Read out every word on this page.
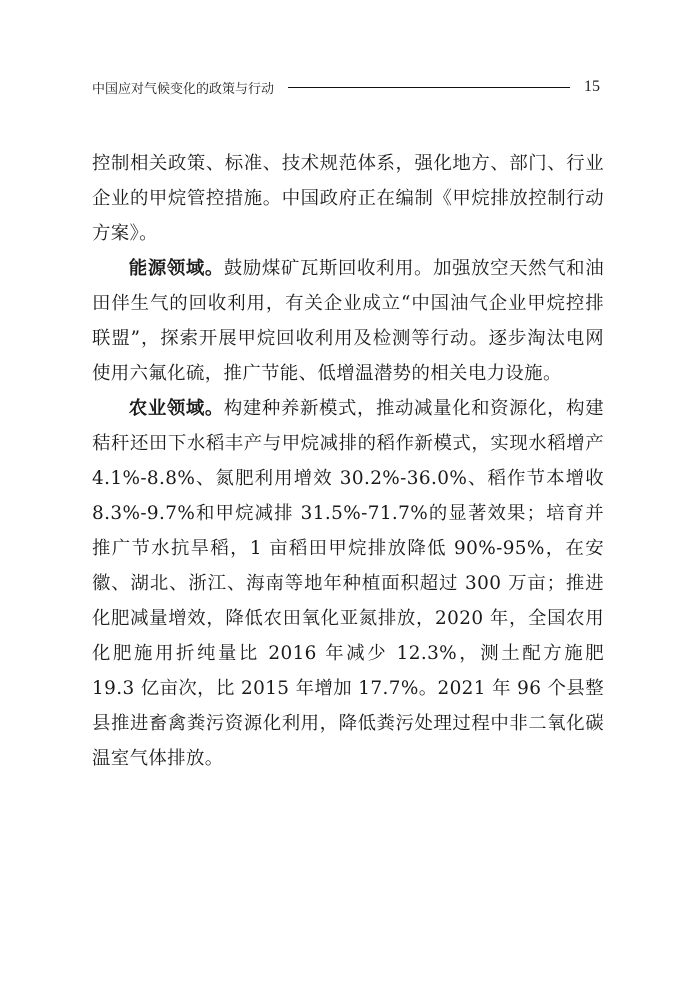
中国应对气候变化的政策与行动	15

控制相关政策、标准、技术规范体系，强化地方、部门、行业企业的甲烷管控措施。中国政府正在编制《甲烷排放控制行动方案》。

能源领域。鼓励煤矿瓦斯回收利用。加强放空天然气和油田伴生气的回收利用，有关企业成立“中国油气企业甲烷控排联盟”，探索开展甲烷回收利用及检测等行动。逐步淘汰电网使用六氟化硫，推广节能、低增温潜势的相关电力设施。

农业领域。构建种养新模式，推动减量化和资源化，构建秸秆还田下水稻丰产与甲烷减排的稻作新模式，实现水稻增产 4.1%-8.8%、氮肥利用增效 30.2%-36.0%、稻作节本增收 8.3%-9.7%和甲烷减排 31.5%-71.7%的显著效果；培育并推广节水抗旱稻，1 亩稻田甲烷排放降低 90%-95%，在安徽、湖北、浙江、海南等地年种植面积超过 300 万亩；推进化肥减量增效，降低农田氧化亚氮排放，2020 年，全国农用化肥施用折纯量比 2016 年减少 12.3%，测土配方施肥 19.3 亿亩次，比 2015 年增加 17.7%。2021 年 96 个县整县推进畜禽粪污资源化利用，降低粪污处理过程中非二氧化碳温室气体排放。
